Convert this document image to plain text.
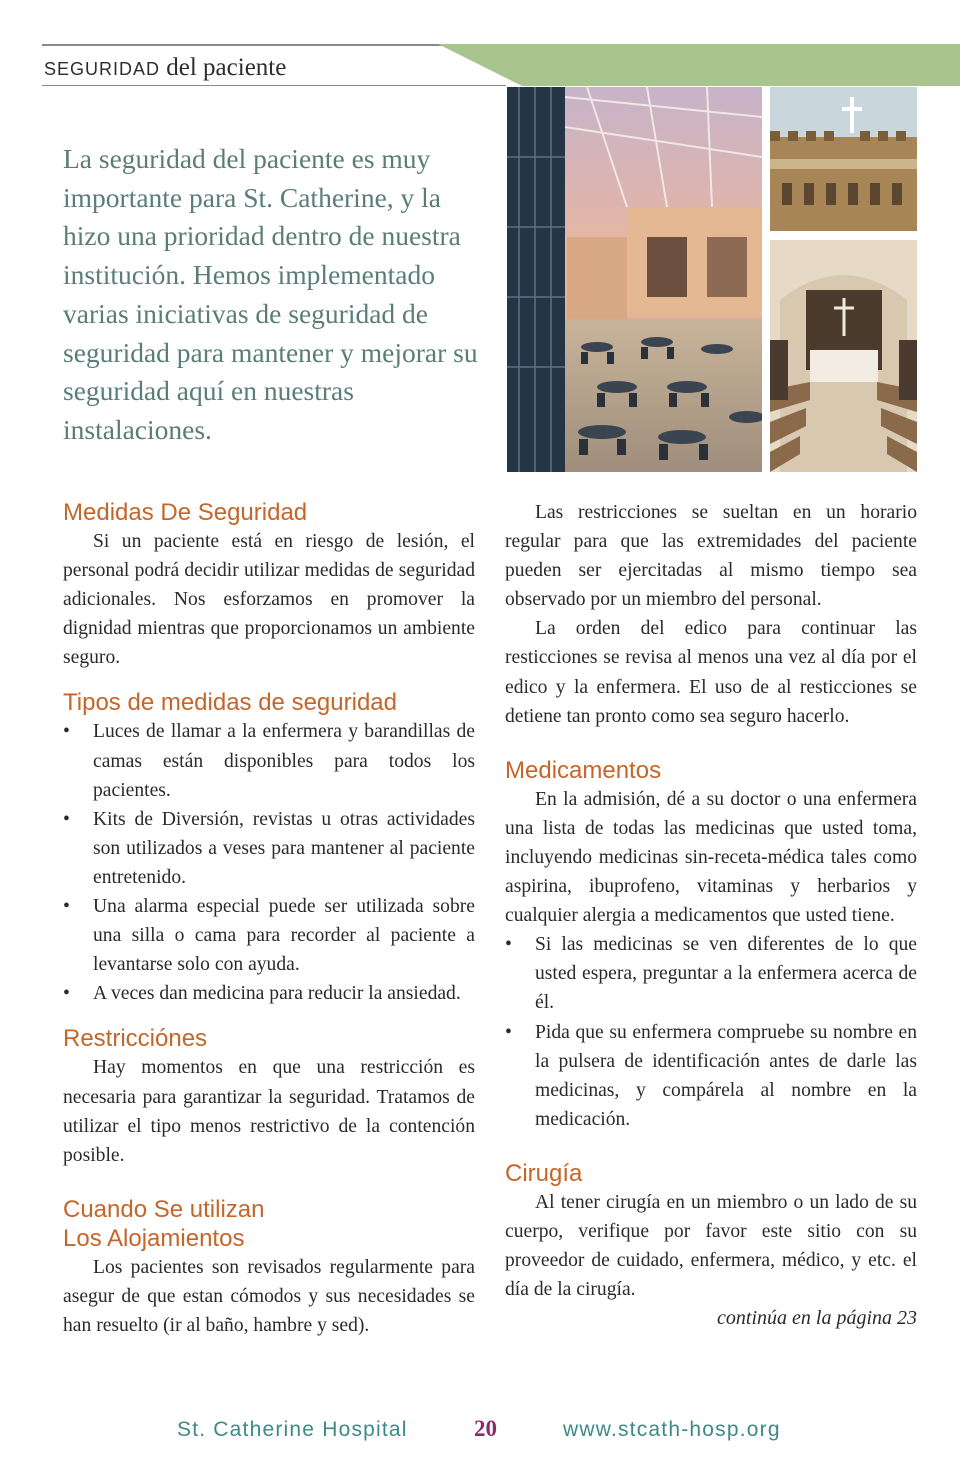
SEGURIDAD del paciente

La seguridad del paciente es muy importante para St. Catherine, y la hizo una prioridad dentro de nuestra institución. Hemos implementado varias iniciativas de seguridad de seguridad para mantener y mejorar su seguridad aquí en nuestras instalaciones.

Medidas De Seguridad

Si un paciente está en riesgo de lesión, el personal podrá decidir utilizar medidas de seguridad adicionales. Nos esforzamos en promover la dignidad mientras que proporcionamos un ambiente seguro.

Tipos de medidas de seguridad
• Luces de llamar a la enfermera y barandillas de camas están disponibles para todos los pacientes.
• Kits de Diversión, revistas u otras actividades son utilizados a veses para mantener al paciente entretenido.
• Una alarma especial puede ser utilizada sobre una silla o cama para recorder al paciente a levantarse solo con ayuda.
• A veces dan medicina para reducir la ansiedad.
Restricciónes

Hay momentos en que una restricción es necesaria para garantizar la seguridad. Tratamos de utilizar el tipo menos restrictivo de la contención posible.

Cuando Se utilizan
Los Alojamientos

Los pacientes son revisados regularmente para asegur de que estan cómodos y sus necesidades se han resuelto (ir al baño, hambre y sed).

Las restricciones se sueltan en un horario regular para que las extremidades del paciente pueden ser ejercitadas al mismo tiempo sea observado por un miembro del personal.

La orden del edico para continuar las resticciones se revisa al menos una vez al día por el edico y la enfermera. El uso de al resticciones se detiene tan pronto como sea seguro hacerlo.

Medicamentos

En la admisión, dé a su doctor o una enfermera una lista de todas las medicinas que usted toma, incluyendo medicinas sin-receta-médica tales como aspirina, ibuprofeno, vitaminas y herbarios y cualquier alergia a medicamentos que usted tiene.

• Si las medicinas se ven diferentes de lo que usted espera, preguntar a la enfermera acerca de él.
• Pida que su enfermera compruebe su nombre en la pulsera de identificación antes de darle las medicinas, y compárela al nombre en la medicación.
Cirugía

Al tener cirugía en un miembro o un lado de su cuerpo, verifique por favor este sitio con su proveedor de cuidado, enfermera, médico, y etc. el día de la cirugía.

continúa en la página 23

St. Catherine Hospital	20	www.stcath-hosp.org
